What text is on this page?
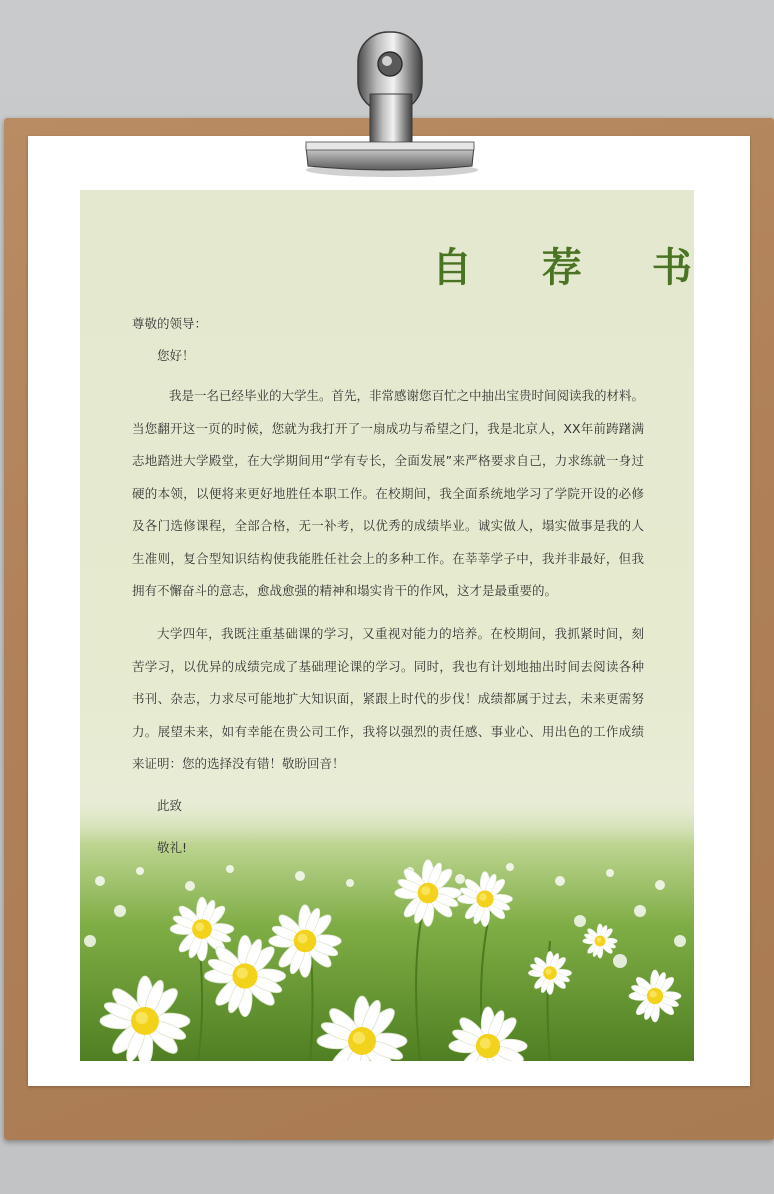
自 荐 书
尊敬的领导：
您好！
我是一名已经毕业的大学生。首先，非常感谢您百忙之中抽出宝贵时间阅读我的材料。当您翻开这一页的时候，您就为我打开了一扇成功与希望之门，我是北京人，XX年前踌躇满志地踏进大学殿堂，在大学期间用“学有专长，全面发展”来严格要求自己，力求练就一身过硬的本领，以便将来更好地胜任本职工作。在校期间，我全面系统地学习了学院开设的必修及各门选修课程，全部合格，无一补考，以优秀的成绩毕业。诚实做人，塌实做事是我的人生准则，复合型知识结构使我能胜任社会上的多种工作。在莘莘学子中，我并非最好，但我拥有不懈奋斗的意志，愈战愈强的精神和塌实肯干的作风，这才是最重要的。
大学四年，我既注重基础课的学习，又重视对能力的培养。在校期间，我抓紧时间，刻苦学习，以优异的成绩完成了基础理论课的学习。同时，我也有计划地抽出时间去阅读各种书刊、杂志，力求尽可能地扩大知识面，紧跟上时代的步伐！成绩都属于过去，未来更需努力。展望未来，如有幸能在贵公司工作，我将以强烈的责任感、事业心、用出色的工作成绩来证明：您的选择没有错！敬盼回音！
此致
敬礼!
